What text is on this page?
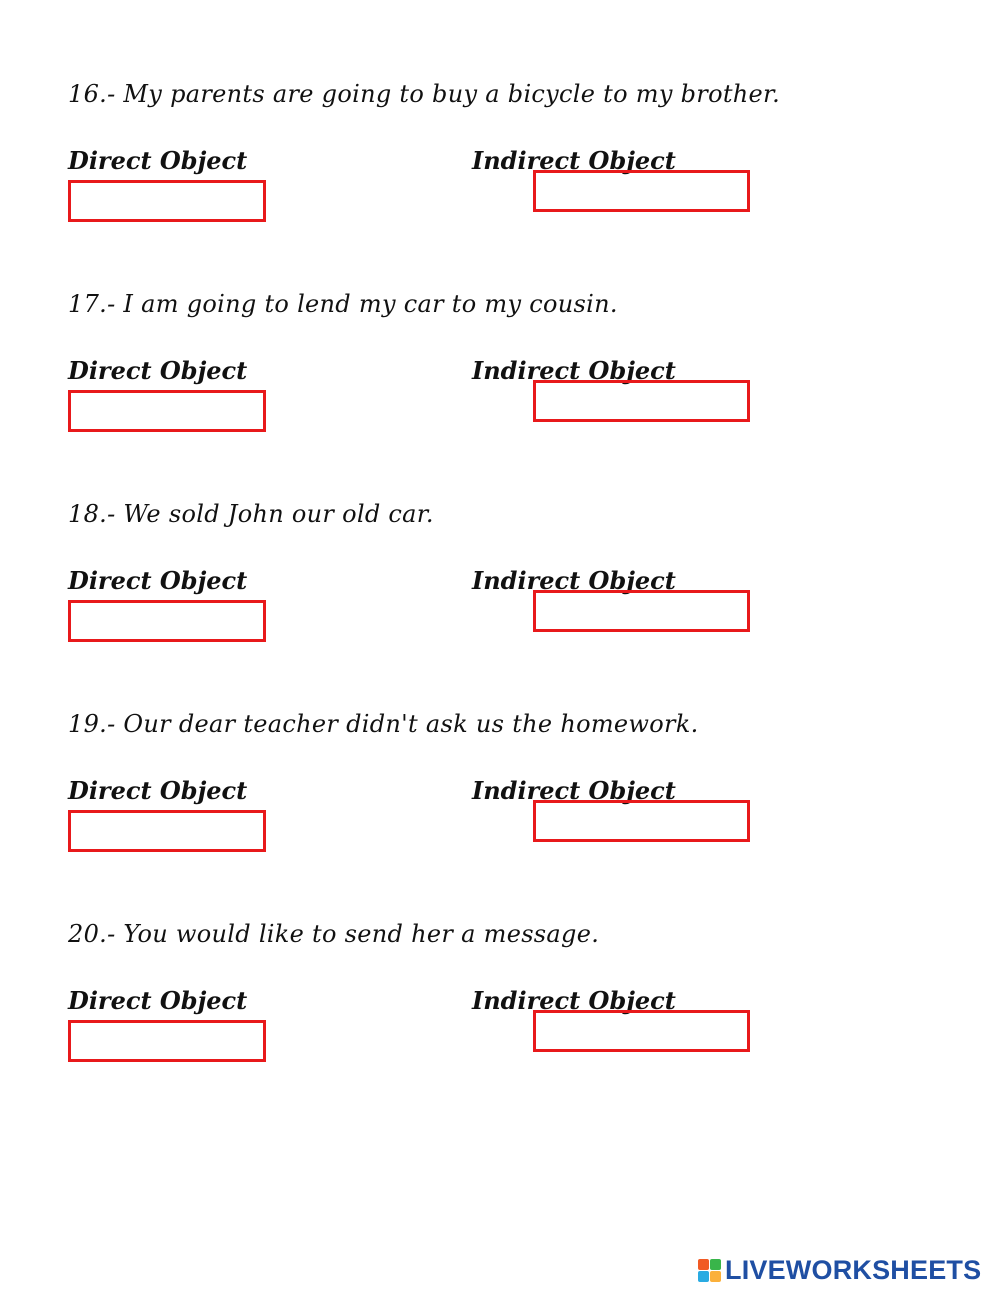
16.- My parents are going to buy a bicycle to my brother.

Direct Object	Indirect Object

17.- I am going to lend my car to my cousin.

Direct Object	Indirect Object

18.- We sold John our old car.

Direct Object	Indirect Object

19.- Our dear teacher didn't ask us the homework.

Direct Object	Indirect Object

20.- You would like to send her a message.

Direct Object	Indirect Object

LIVEWORKSHEETS
